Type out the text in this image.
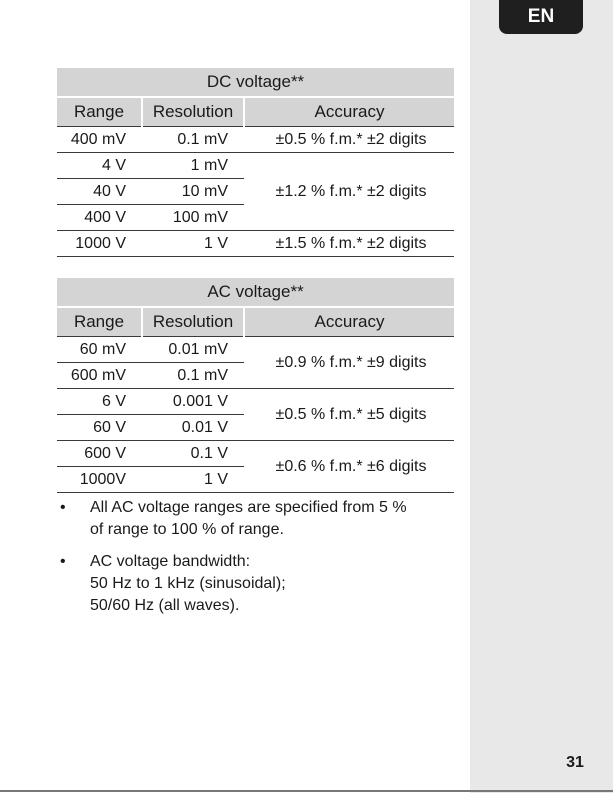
EN
DC voltage**		
Range	Resolution	Accuracy
400 mV	0.1 mV	±0.5 % f.m.* ±2 digits
4 V	1 mV	±1.2 % f.m.* ±2 digits
40 V	10 mV	
400 V	100 mV	
1000 V	1 V	±1.5 % f.m.* ±2 digits
AC voltage**		
Range	Resolution	Accuracy
60 mV	0.01 mV	±0.9 % f.m.* ±9 digits
600 mV	0.1 mV	
6 V	0.001 V	±0.5 % f.m.* ±5 digits
60 V	0.01 V	
600 V	0.1 V	±0.6 % f.m.* ±6 digits
1000V	1 V	
• All AC voltage ranges are specified from 5 %
of range to 100 % of range.
• AC voltage bandwidth:
50 Hz to 1 kHz (sinusoidal);
50/60 Hz (all waves).
31
